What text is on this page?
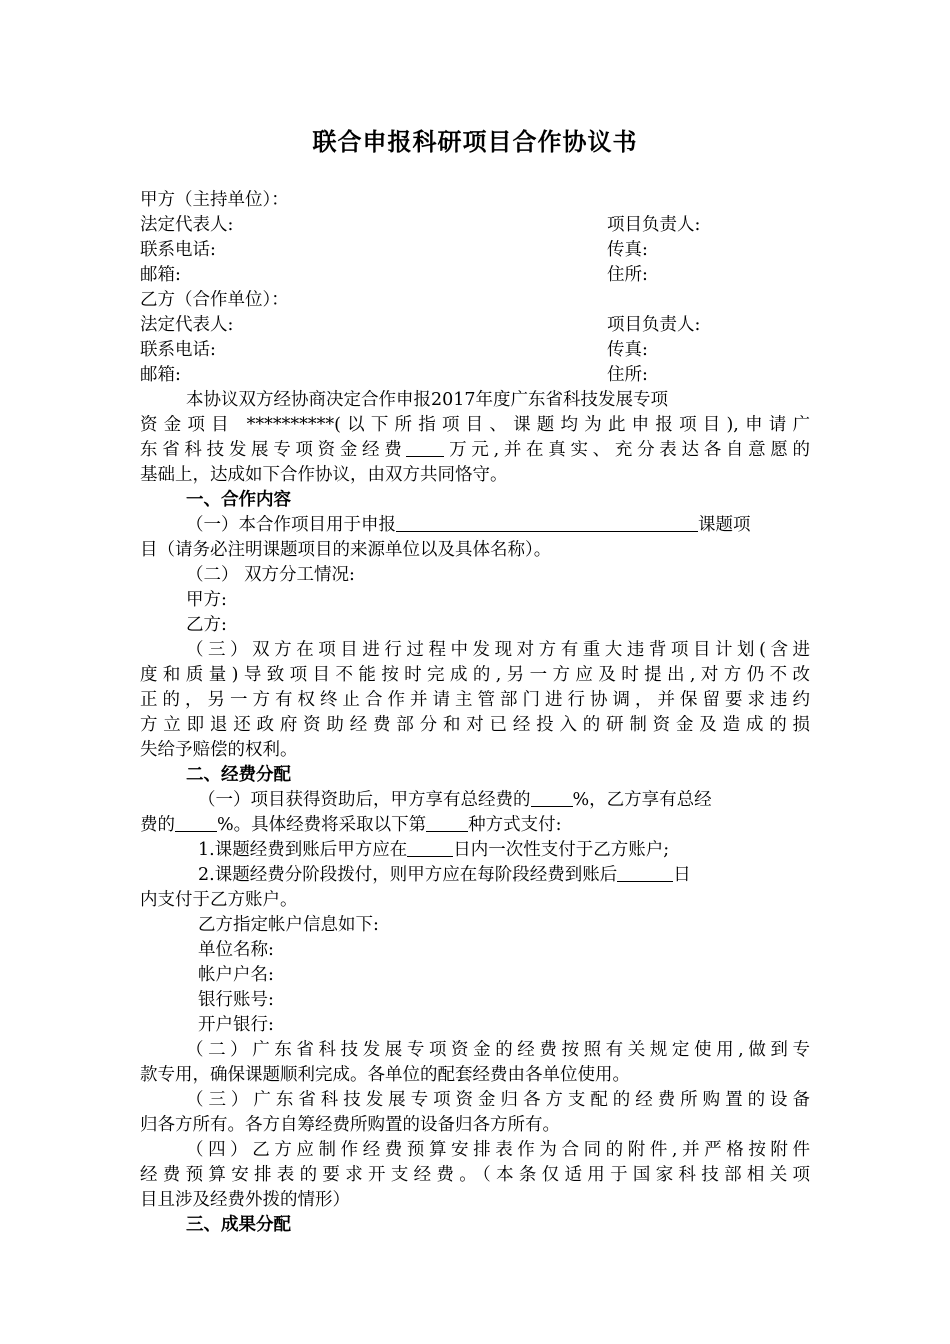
联合申报科研项目合作协议书
甲方（主持单位）：
法定代表人:	项目负责人:
联系电话:	传真:
邮箱:	住所:
乙方（合作单位）：
法定代表人:	项目负责人:
联系电话:	传真:
邮箱:	住所:
本协议双方经协商决定合作申报2017年度广东省科技发展专项
资金项目 **********(以下所指项目、课题均为此申报项目),申请广
东省科技发展专项资金经费 万元,并在真实、充分表达各自意愿的
基础上，达成如下合作协议，由双方共同恪守。
一、合作内容
（一）本合作项目用于申报	课题项
目（请务必注明课题项目的来源单位以及具体名称）。
（二） 双方分工情况:
甲方:
乙方:
（三）双方在项目进行过程中发现对方有重大违背项目计划(含进
度和质量)导致项目不能按时完成的,另一方应及时提出,对方仍不改
正的，另一方有权终止合作并请主管部门进行协调，并保留要求违约
方立即退还政府资助经费部分和对已经投入的研制资金及造成的损
失给予赔偿的权利。
二、经费分配
（一）项目获得资助后，甲方享有总经费的 %，乙方享有总经
费的 %。具体经费将采取以下第 种方式支付:
1.课题经费到账后甲方应在	日内一次性支付于乙方账户;
2.课题经费分阶段拨付，则甲方应在每阶段经费到账后	日
内支付于乙方账户。
乙方指定帐户信息如下:
单位名称:
帐户户名:
银行账号:
开户银行:
（二）广东省科技发展专项资金的经费按照有关规定使用,做到专
款专用，确保课题顺利完成。各单位的配套经费由各单位使用。
（三）广东省科技发展专项资金归各方支配的经费所购置的设备
归各方所有。各方自筹经费所购置的设备归各方所有。
（四）乙方应制作经费预算安排表作为合同的附件,并严格按附件
经费预算安排表的要求开支经费。（本条仅适用于国家科技部相关项
目且涉及经费外拨的情形）
三、成果分配
